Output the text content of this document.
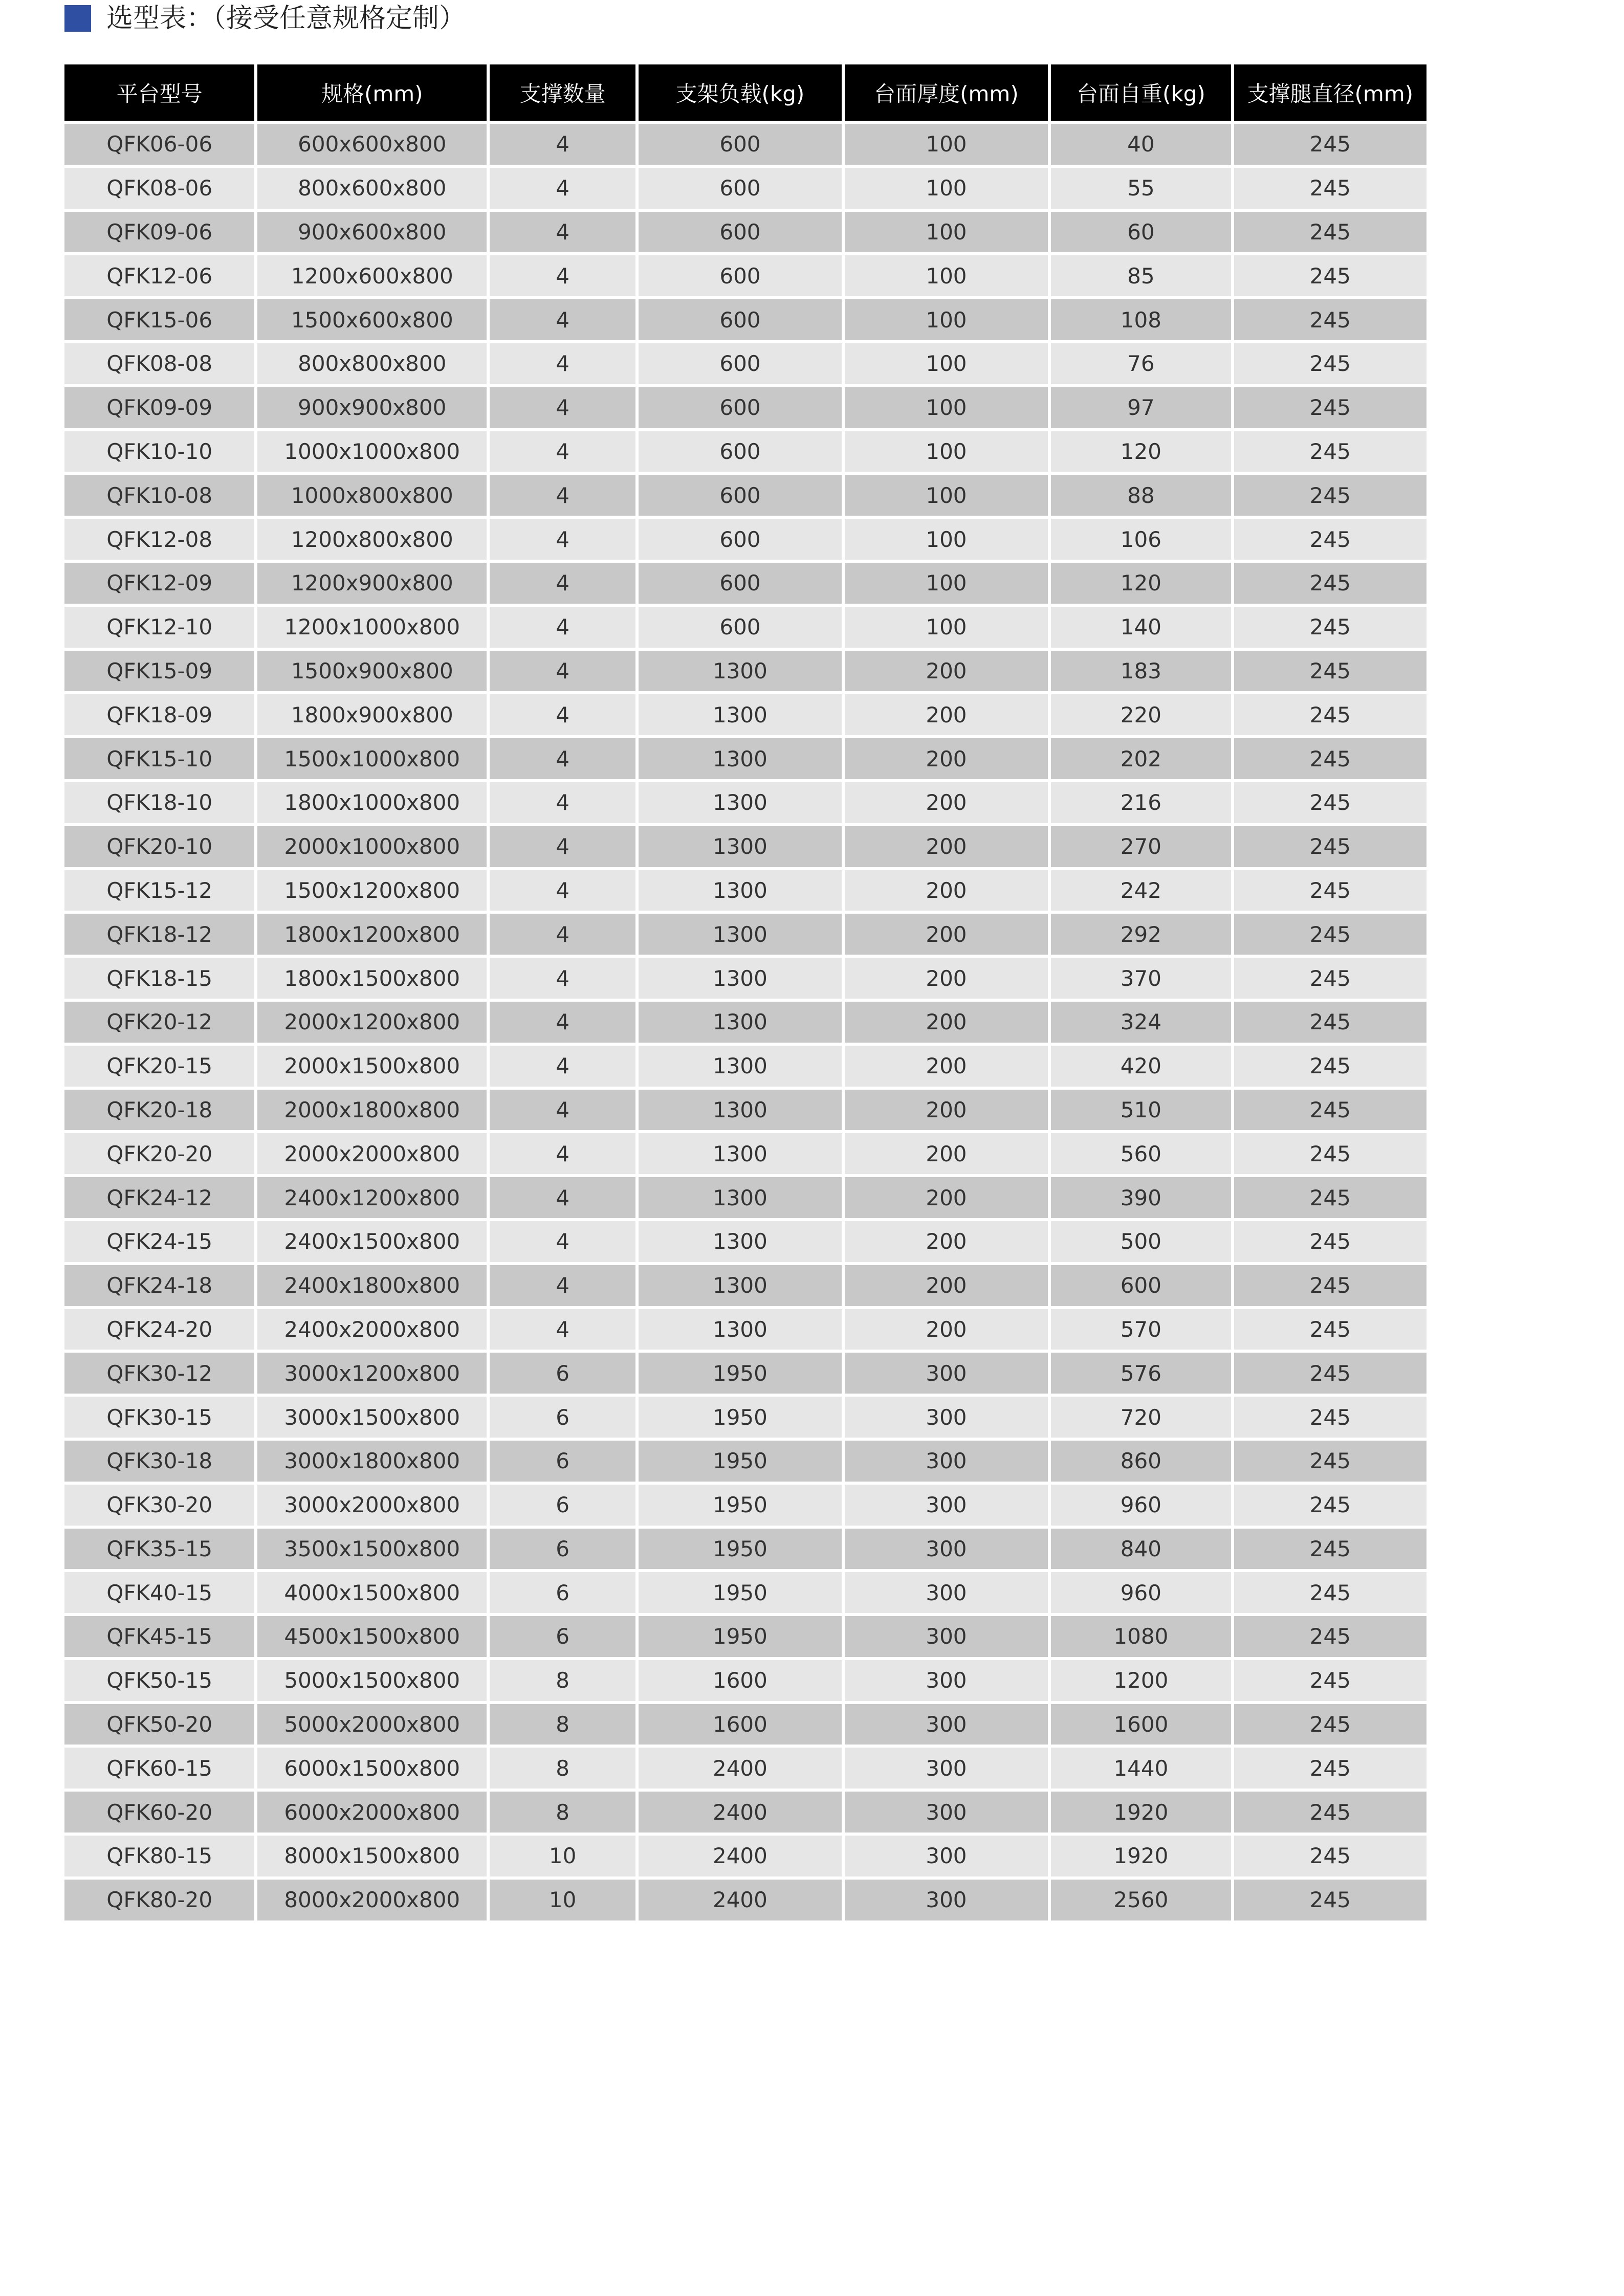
选型表：（接受任意规格定制）
平台型号	规格(mm)	支撑数量	支架负载(kg)	台面厚度(mm)	台面自重(kg)	支撑腿直径(mm)
QFK06-06	600x600x800	4	600	100	40	245
QFK08-06	800x600x800	4	600	100	55	245
QFK09-06	900x600x800	4	600	100	60	245
QFK12-06	1200x600x800	4	600	100	85	245
QFK15-06	1500x600x800	4	600	100	108	245
QFK08-08	800x800x800	4	600	100	76	245
QFK09-09	900x900x800	4	600	100	97	245
QFK10-10	1000x1000x800	4	600	100	120	245
QFK10-08	1000x800x800	4	600	100	88	245
QFK12-08	1200x800x800	4	600	100	106	245
QFK12-09	1200x900x800	4	600	100	120	245
QFK12-10	1200x1000x800	4	600	100	140	245
QFK15-09	1500x900x800	4	1300	200	183	245
QFK18-09	1800x900x800	4	1300	200	220	245
QFK15-10	1500x1000x800	4	1300	200	202	245
QFK18-10	1800x1000x800	4	1300	200	216	245
QFK20-10	2000x1000x800	4	1300	200	270	245
QFK15-12	1500x1200x800	4	1300	200	242	245
QFK18-12	1800x1200x800	4	1300	200	292	245
QFK18-15	1800x1500x800	4	1300	200	370	245
QFK20-12	2000x1200x800	4	1300	200	324	245
QFK20-15	2000x1500x800	4	1300	200	420	245
QFK20-18	2000x1800x800	4	1300	200	510	245
QFK20-20	2000x2000x800	4	1300	200	560	245
QFK24-12	2400x1200x800	4	1300	200	390	245
QFK24-15	2400x1500x800	4	1300	200	500	245
QFK24-18	2400x1800x800	4	1300	200	600	245
QFK24-20	2400x2000x800	4	1300	200	570	245
QFK30-12	3000x1200x800	6	1950	300	576	245
QFK30-15	3000x1500x800	6	1950	300	720	245
QFK30-18	3000x1800x800	6	1950	300	860	245
QFK30-20	3000x2000x800	6	1950	300	960	245
QFK35-15	3500x1500x800	6	1950	300	840	245
QFK40-15	4000x1500x800	6	1950	300	960	245
QFK45-15	4500x1500x800	6	1950	300	1080	245
QFK50-15	5000x1500x800	8	1600	300	1200	245
QFK50-20	5000x2000x800	8	1600	300	1600	245
QFK60-15	6000x1500x800	8	2400	300	1440	245
QFK60-20	6000x2000x800	8	2400	300	1920	245
QFK80-15	8000x1500x800	10	2400	300	1920	245
QFK80-20	8000x2000x800	10	2400	300	2560	245
